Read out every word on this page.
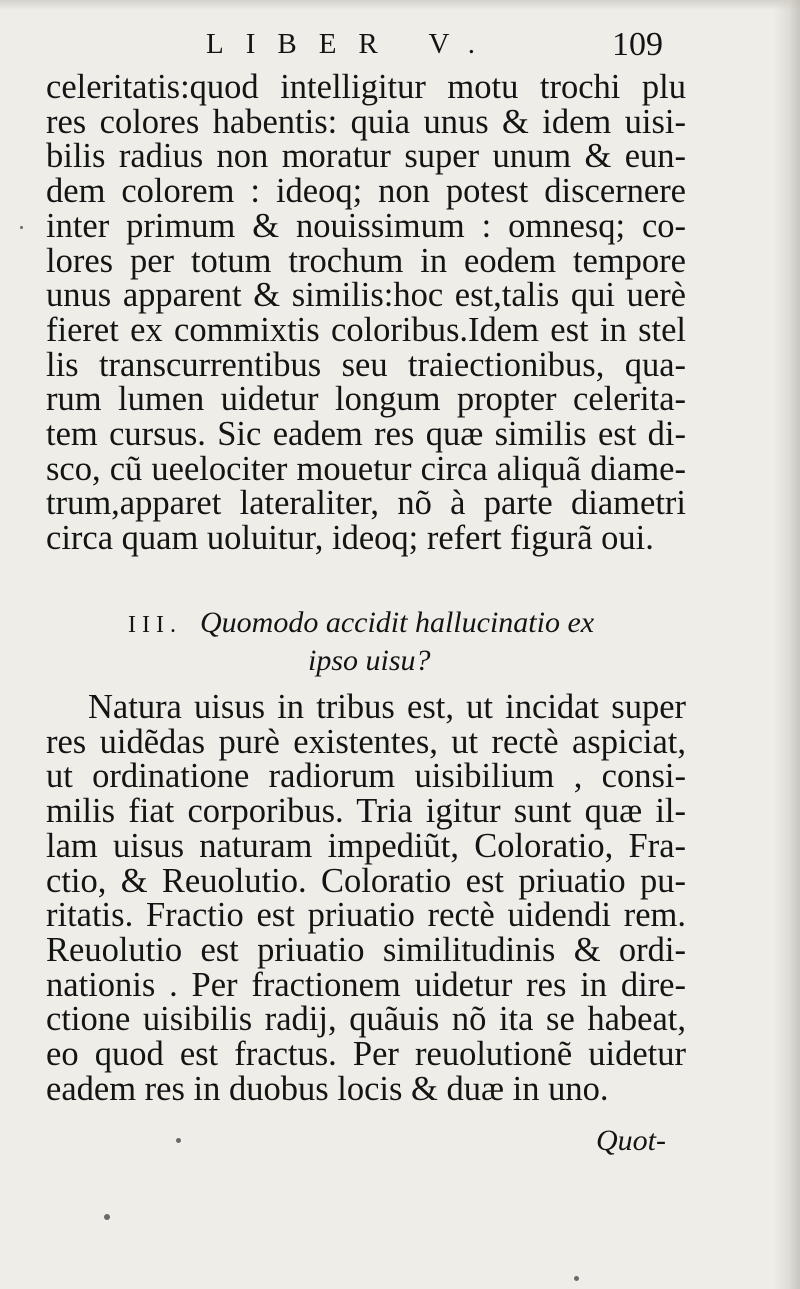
LIBER V.	109
celeritatis:quod intelligitur motu trochi plu
res colores habentis: quia unus & idem uisi-
bilis radius non moratur super unum & eun-
dem colorem : ideoq; non potest discernere
inter primum & nouissimum : omnesq; co-
lores per totum trochum in eodem tempore
unus apparent & similis:hoc est,talis qui uerè
fieret ex commixtis coloribus.Idem est in stel
lis transcurrentibus seu traiectionibus, qua-
rum lumen uidetur longum propter celerita-
tem cursus. Sic eadem res quæ similis est di-
sco, cũ ueelociter mouetur circa aliquã diame-
trum,apparet lateraliter, nõ à parte diametri
circa quam uoluitur, ideoq; refert figurã oui.
III. Quomodo accidit hallucinatio ex
ipso uisu?
Natura uisus in tribus est, ut incidat super
res uidẽdas purè existentes, ut rectè aspiciat,
ut ordinatione radiorum uisibilium , consi-
milis fiat corporibus. Tria igitur sunt quæ il-
lam uisus naturam impediũt, Coloratio, Fra-
ctio, & Reuolutio. Coloratio est priuatio pu-
ritatis. Fractio est priuatio rectè uidendi rem.
Reuolutio est priuatio similitudinis & ordi-
nationis . Per fractionem uidetur res in dire-
ctione uisibilis radij, quãuis nõ ita se habeat,
eo quod est fractus. Per reuolutionẽ uidetur
eadem res in duobus locis & duæ in uno.
Quot-
